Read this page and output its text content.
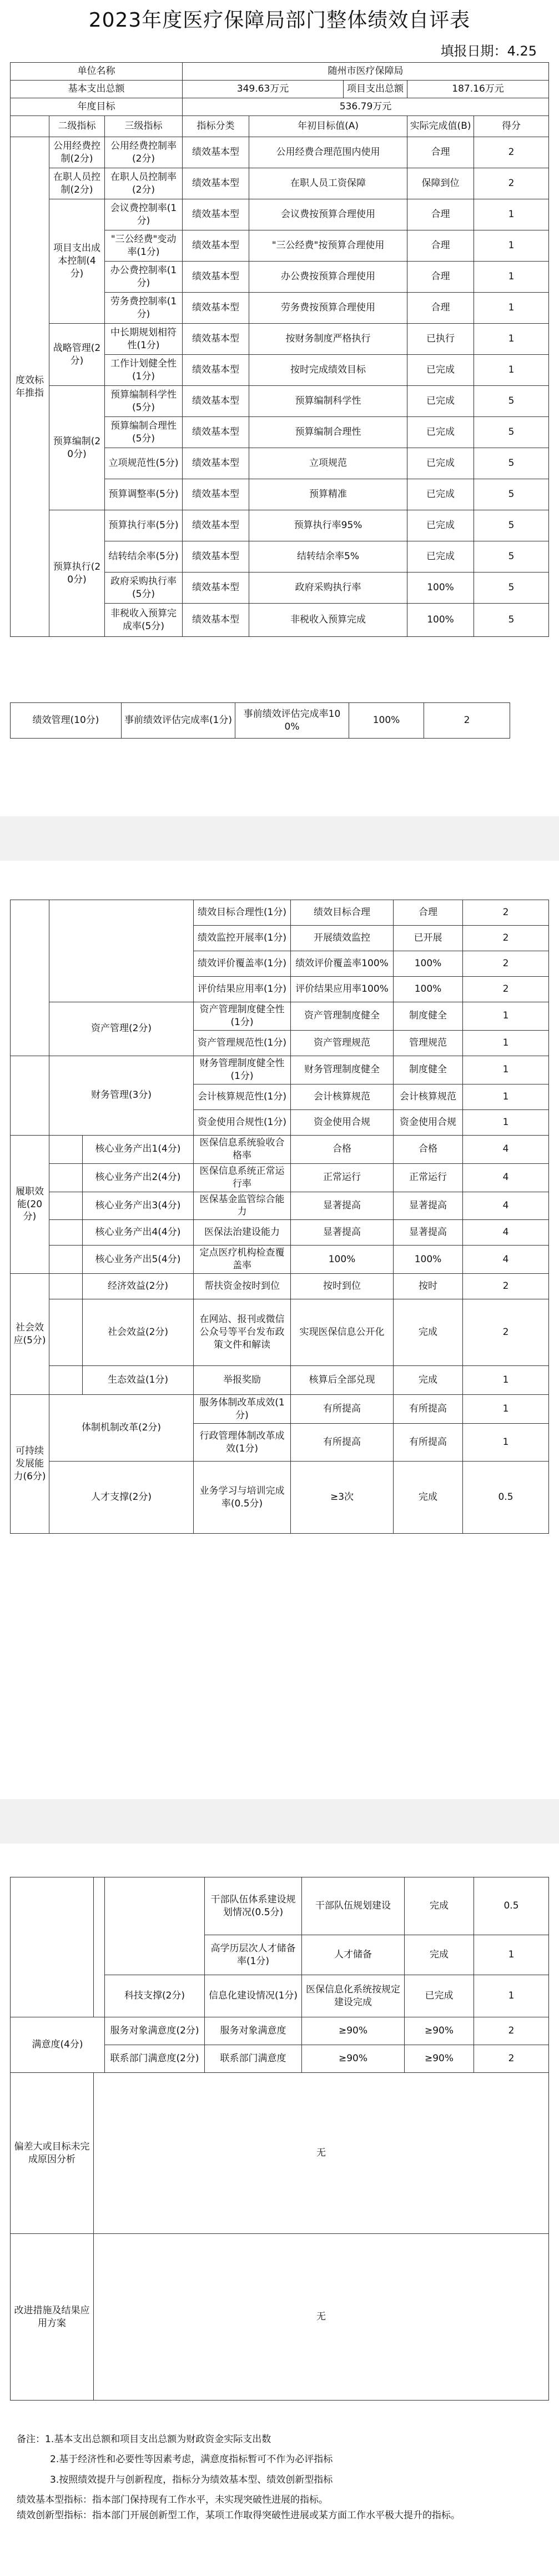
2023年度医疗保障局部门整体绩效自评表
填报日期：4.25
单位名称			随州市医疗保障局				
基本支出总额			349.63万元		项目支出总额	187.16万元	
年度目标			536.79万元				
	二级指标	三级指标	指标分类	年初目标值(A)		实际完成值(B)	得分
度效标年推指	公用经费控制(2分)	公用经费控制率(2分)	绩效基本型	公用经费合理范围内使用		合理	2
	在职人员控制(2分)	在职人员控制率(2分)	绩效基本型	在职人员工资保障		保障到位	2
	项目支出成本控制(4分)	会议费控制率(1分)	绩效基本型	会议费按预算合理使用		合理	1
		"三公经费"变动率(1分)	绩效基本型	"三公经费"按预算合理使用		合理	1
		办公费控制率(1分)	绩效基本型	办公费按预算合理使用		合理	1
		劳务费控制率(1分)	绩效基本型	劳务费按预算合理使用		合理	1
	战略管理(2分)	中长期规划相符性(1分)	绩效基本型	按财务制度严格执行		已执行	1
		工作计划健全性(1分)	绩效基本型	按时完成绩效目标		已完成	1
	预算编制(20分)	预算编制科学性(5分)	绩效基本型	预算编制科学性		已完成	5
		预算编制合理性(5分)	绩效基本型	预算编制合理性		已完成	5
		立项规范性(5分)	绩效基本型	立项规范		已完成	5
		预算调整率(5分)	绩效基本型	预算精准		已完成	5
	预算执行(20分)	预算执行率(5分)	绩效基本型	预算执行率95%		已完成	5
		结转结余率(5分)	绩效基本型	结转结余率5%		已完成	5
		政府采购执行率(5分)	绩效基本型	政府采购执行率		100%	5
		非税收入预算完成率(5分)	绩效基本型	非税收入预算完成		100%	5
绩效管理(10分)	事前绩效评估完成率(1分)	事前绩效评估完成率100%	100%	2
			绩效目标合理性(1分)	绩效目标合理	合理	2
			绩效监控开展率(1分)	开展绩效监控	已开展	2
			绩效评价覆盖率(1分)	绩效评价覆盖率100%	100%	2
			评价结果应用率(1分)	评价结果应用率100%	100%	2
	资产管理(2分)		资产管理制度健全性(1分)	资产管理制度健全	制度健全	1
			资产管理规范性(1分)	资产管理规范	管理规范	1
	财务管理(3分)		财务管理制度健全性(1分)	财务管理制度健全	制度健全	1
			会计核算规范性(1分)	会计核算规范	会计核算规范	1
			资金使用合规性(1分)	资金使用合规	资金使用合规	1
履职效能(20分)		核心业务产出1(4分)	医保信息系统验收合格率	合格	合格	4
		核心业务产出2(4分)	医保信息系统正常运行率	正常运行	正常运行	4
		核心业务产出3(4分)	医保基金监管综合能力	显著提高	显著提高	4
		核心业务产出4(4分)	医保法治建设能力	显著提高	显著提高	4
		核心业务产出5(4分)	定点医疗机构检查覆盖率	100%	100%	4
社会效应(5分)		经济效益(2分)	帮扶资金按时到位	按时到位	按时	2
		社会效益(2分)	在网站、报刊或微信公众号等平台发布政策文件和解读	实现医保信息公开化	完成	2
		生态效益(1分)	举报奖励	核算后全部兑现	完成	1
可持续发展能力(6分)	体制机制改革(2分)		服务体制改革成效(1分)	有所提高	有所提高	1
			行政管理体制改革成效(1分)	有所提高	有所提高	1
	人才支撑(2分)		业务学习与培训完成率(0.5分)	≥3次	完成	0.5
			干部队伍体系建设规划情况(0.5分)	干部队伍规划建设	完成	0.5
			高学历层次人才储备率(1分)	人才储备	完成	1
		科技支撑(2分)	信息化建设情况(1分)	医保信息化系统按规定建设完成	已完成	1
满意度(4分)		服务对象满意度(2分)	服务对象满意度	≥90%	≥90%	2
		联系部门满意度(2分)	联系部门满意度	≥90%	≥90%	2
偏差大或目标未完成原因分析	无					
改进措施及结果应用方案	无					

备注：1.基本支出总额和项目支出总额为财政资金实际支出数

2.基于经济性和必要性等因素考虑，满意度指标暂可不作为必评指标

3.按照绩效提升与创新程度，指标分为绩效基本型、绩效创新型指标

绩效基本型指标：指本部门保持现有工作水平，未实现突破性进展的指标。

绩效创新型指标：指本部门开展创新型工作，某项工作取得突破性进展或某方面工作水平极大提升的指标。
